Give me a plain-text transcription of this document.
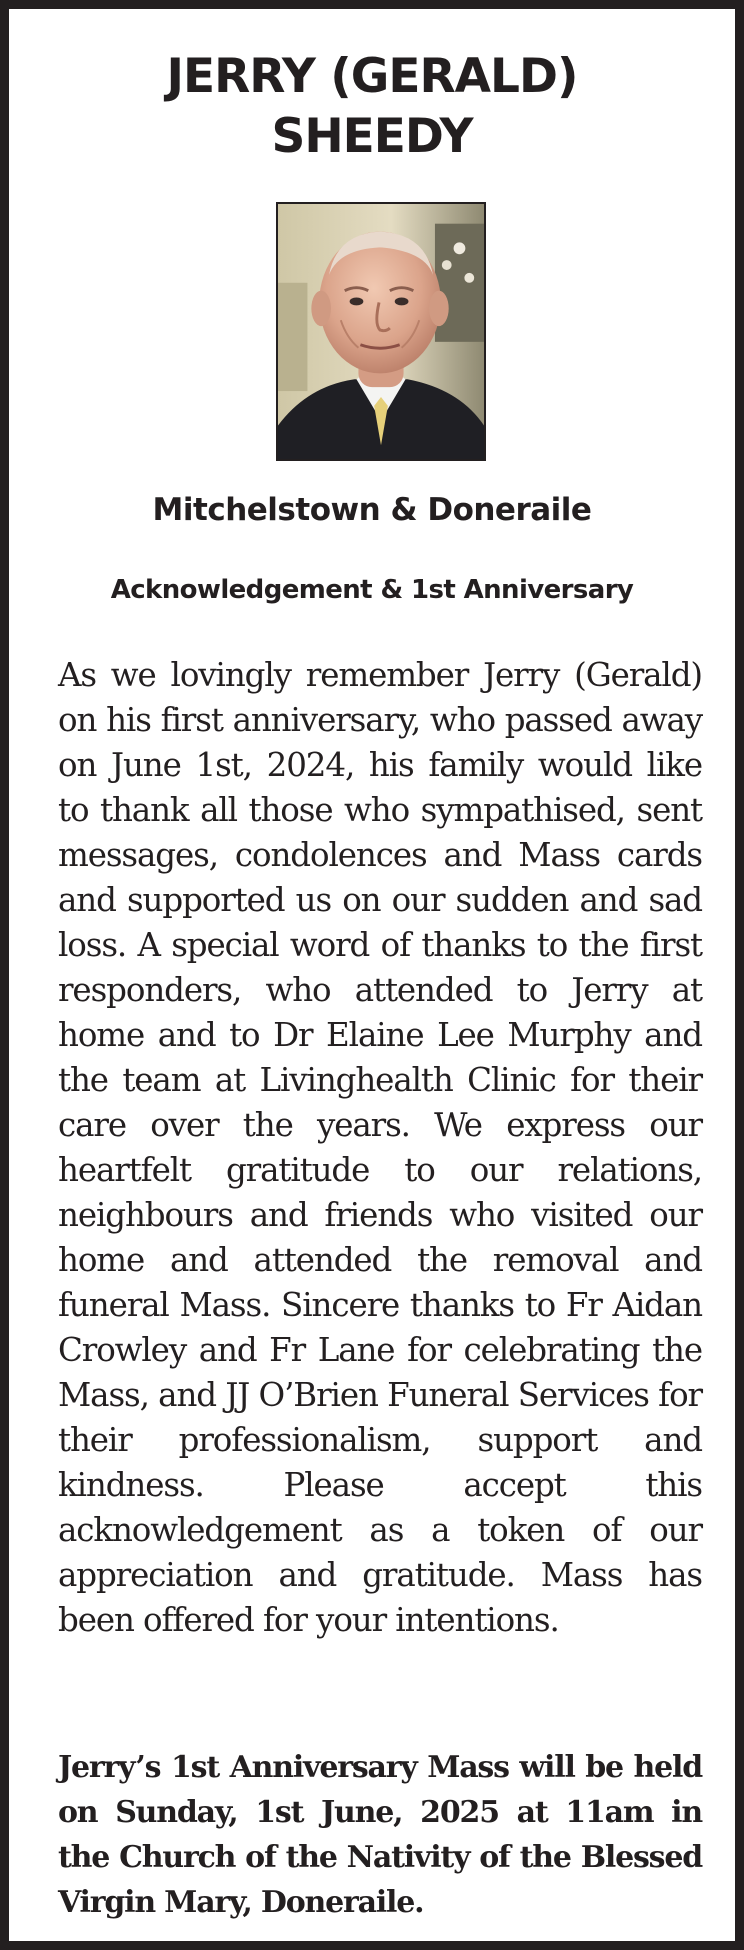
JERRY (GERALD)
SHEEDY
Mitchelstown & Doneraile
Acknowledgement & 1st Anniversary

As we lovingly remember Jerry (Gerald) on his first anniversary, who passed away on June 1st, 2024, his family would like to thank all those who sympathised, sent messages, condolences and Mass cards and supported us on our sudden and sad loss. A special word of thanks to the first responders, who attended to Jerry at home and to Dr Elaine Lee Murphy and the team at Livinghealth Clinic for their care over the years. We express our heartfelt gratitude to our relations, neighbours and friends who visited our home and attended the removal and funeral Mass. Sincere thanks to Fr Aidan Crowley and Fr Lane for celebrating the Mass, and JJ O’Brien Funeral Services for their professionalism, support and kindness. Please accept this acknowledgement as a token of our appreciation and gratitude. Mass has been offered for your intentions.

Jerry’s 1st Anniversary Mass will be held on Sunday, 1st June, 2025 at 11am in the Church of the Nativity of the Blessed Virgin Mary, Doneraile.
